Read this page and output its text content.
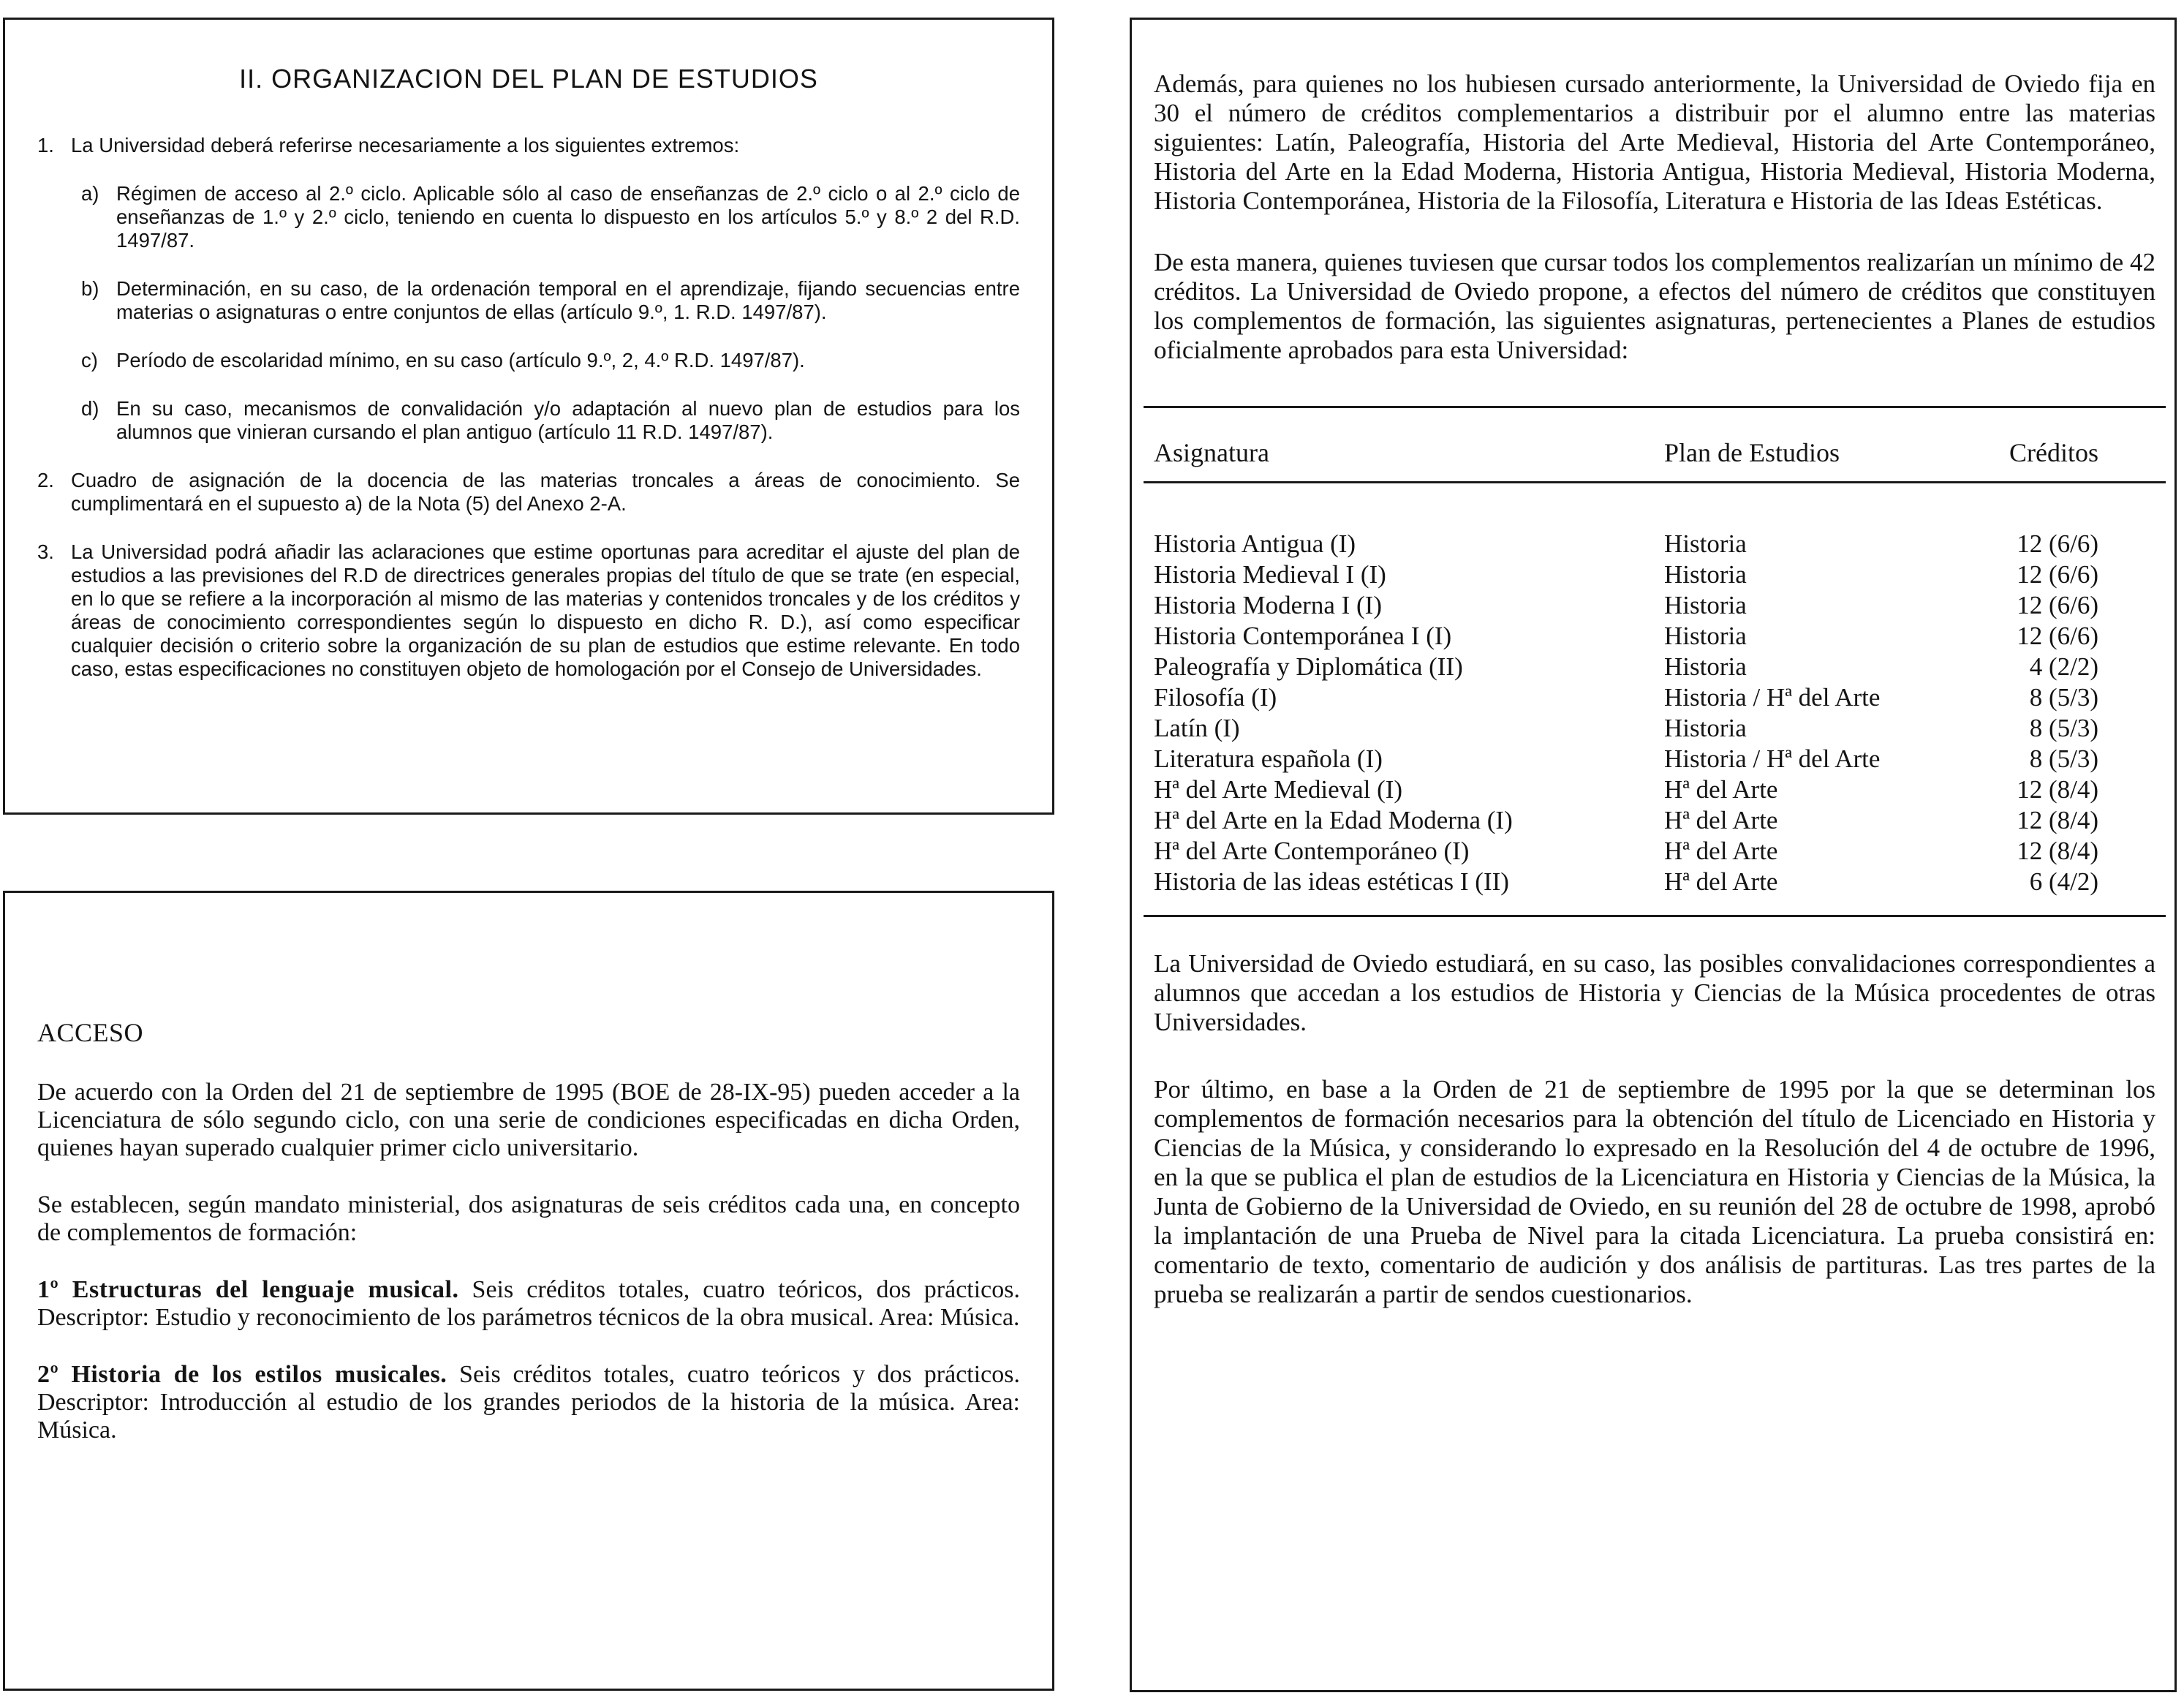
II. ORGANIZACION DEL PLAN DE ESTUDIOS
1. La Universidad deberá referirse necesariamente a los siguientes extremos:
a) Régimen de acceso al 2.º ciclo. Aplicable sólo al caso de enseñanzas de 2.º ciclo o al 2.º ciclo de enseñanzas de 1.º y 2.º ciclo, teniendo en cuenta lo dispuesto en los artículos 5.º y 8.º 2 del R.D. 1497/87.
b) Determinación, en su caso, de la ordenación temporal en el aprendizaje, fijando secuencias entre materias o asignaturas o entre conjuntos de ellas (artículo 9.º, 1. R.D. 1497/87).
c) Período de escolaridad mínimo, en su caso (artículo 9.º, 2, 4.º R.D. 1497/87).
d) En su caso, mecanismos de convalidación y/o adaptación al nuevo plan de estudios para los alumnos que vinieran cursando el plan antiguo (artículo 11 R.D. 1497/87).
2. Cuadro de asignación de la docencia de las materias troncales a áreas de conocimiento. Se cumplimentará en el supuesto a) de la Nota (5) del Anexo 2-A.
3. La Universidad podrá añadir las aclaraciones que estime oportunas para acreditar el ajuste del plan de estudios a las previsiones del R.D de directrices generales propias del título de que se trate (en especial, en lo que se refiere a la incorporación al mismo de las materias y contenidos troncales y de los créditos y áreas de conocimiento correspondientes según lo dispuesto en dicho R. D.), así como especificar cualquier decisión o criterio sobre la organización de su plan de estudios que estime relevante. En todo caso, estas especificaciones no constituyen objeto de homologación por el Consejo de Universidades.
ACCESO

De acuerdo con la Orden del 21 de septiembre de 1995 (BOE de 28-IX-95) pueden acceder a la Licenciatura de sólo segundo ciclo, con una serie de condiciones especificadas en dicha Orden, quienes hayan superado cualquier primer ciclo universitario.

Se establecen, según mandato ministerial, dos asignaturas de seis créditos cada una, en concepto de complementos de formación:

1º Estructuras del lenguaje musical. Seis créditos totales, cuatro teóricos, dos prácticos. Descriptor: Estudio y reconocimiento de los parámetros técnicos de la obra musical. Area: Música.

2º Historia de los estilos musicales. Seis créditos totales, cuatro teóricos y dos prácticos. Descriptor: Introducción al estudio de los grandes periodos de la historia de la música. Area: Música.

Además, para quienes no los hubiesen cursado anteriormente, la Universidad de Oviedo fija en 30 el número de créditos complementarios a distribuir por el alumno entre las materias siguientes: Latín, Paleografía, Historia del Arte Medieval, Historia del Arte Contemporáneo, Historia del Arte en la Edad Moderna, Historia Antigua, Historia Medieval, Historia Moderna, Historia Contemporánea, Historia de la Filosofía, Literatura e Historia de las Ideas Estéticas.

De esta manera, quienes tuviesen que cursar todos los complementos realizarían un mínimo de 42 créditos. La Universidad de Oviedo propone, a efectos del número de créditos que constituyen los complementos de formación, las siguientes asignaturas, pertenecientes a Planes de estudios oficialmente aprobados para esta Universidad:

Asignatura	Plan de Estudios	Créditos
Historia Antigua (I)	Historia	12 (6/6)
Historia Medieval I (I)	Historia	12 (6/6)
Historia Moderna I (I)	Historia	12 (6/6)
Historia Contemporánea I (I)	Historia	12 (6/6)
Paleografía y Diplomática (II)	Historia	4 (2/2)
Filosofía (I)	Historia / Hª del Arte	8 (5/3)
Latín (I)	Historia	8 (5/3)
Literatura española (I)	Historia / Hª del Arte	8 (5/3)
Hª del Arte Medieval (I)	Hª del Arte	12 (8/4)
Hª del Arte en la Edad Moderna (I)	Hª del Arte	12 (8/4)
Hª del Arte Contemporáneo (I)	Hª del Arte	12 (8/4)
Historia de las ideas estéticas I (II)	Hª del Arte	6 (4/2)

La Universidad de Oviedo estudiará, en su caso, las posibles convalidaciones correspondientes a alumnos que accedan a los estudios de Historia y Ciencias de la Música procedentes de otras Universidades.

Por último, en base a la Orden de 21 de septiembre de 1995 por la que se determinan los complementos de formación necesarios para la obtención del título de Licenciado en Historia y Ciencias de la Música, y considerando lo expresado en la Resolución del 4 de octubre de 1996, en la que se publica el plan de estudios de la Licenciatura en Historia y Ciencias de la Música, la Junta de Gobierno de la Universidad de Oviedo, en su reunión del 28 de octubre de 1998, aprobó la implantación de una Prueba de Nivel para la citada Licenciatura. La prueba consistirá en: comentario de texto, comentario de audición y dos análisis de partituras. Las tres partes de la prueba se realizarán a partir de sendos cuestionarios.
